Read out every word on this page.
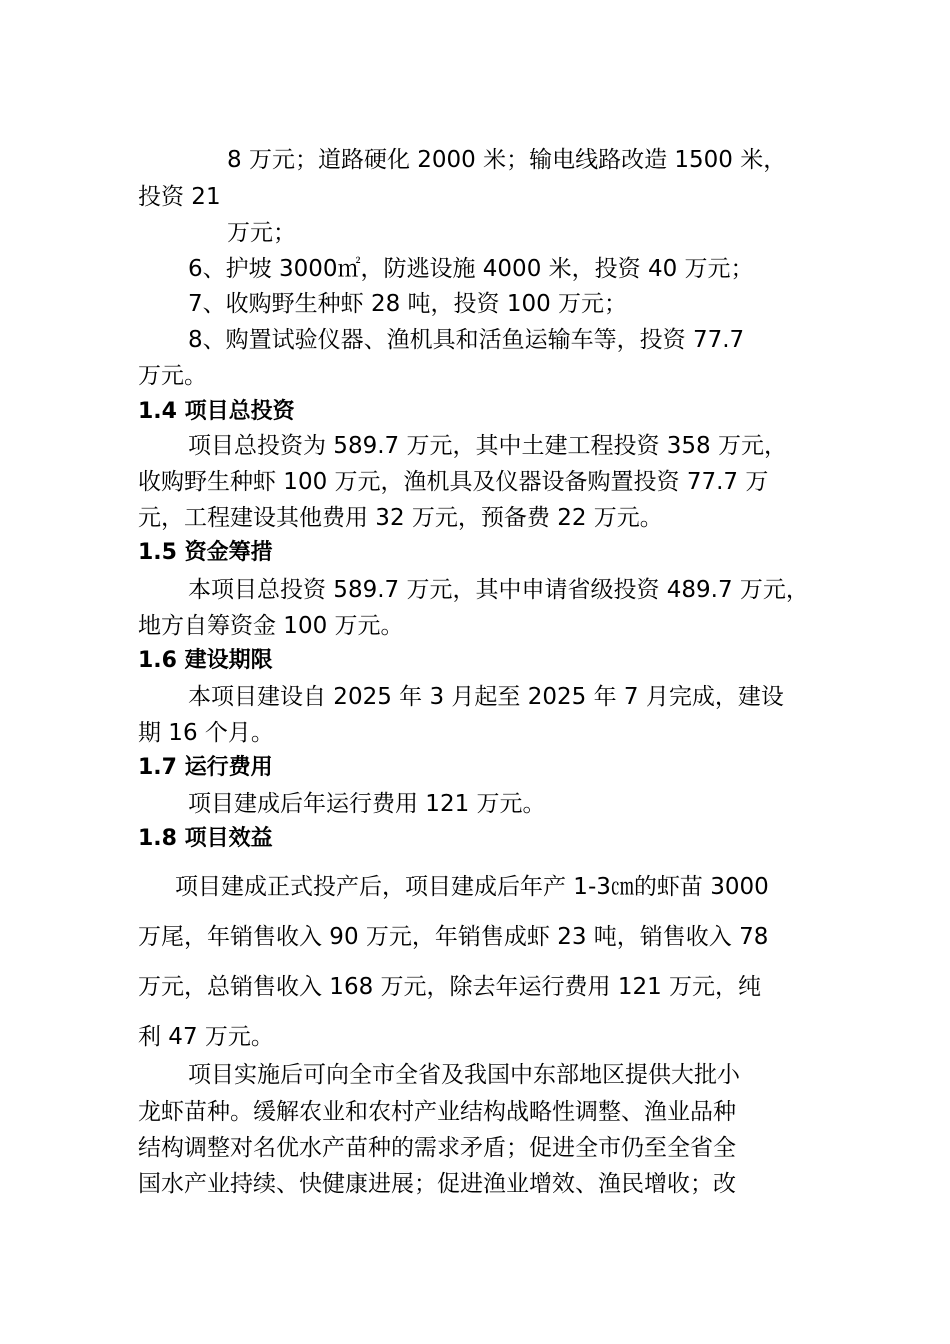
8 万元；道路硬化 2000 米；输电线路改造 1500 米，
投资 21
万元；
6、护坡 3000㎡，防逃设施 4000 米，投资 40 万元；
7、收购野生种虾 28 吨，投资 100 万元；
8、购置试验仪器、渔机具和活鱼运输车等，投资 77.7
万元。
1.4 项目总投资
项目总投资为 589.7 万元，其中土建工程投资 358 万元，
收购野生种虾 100 万元，渔机具及仪器设备购置投资 77.7 万
元，工程建设其他费用 32 万元，预备费 22 万元。
1.5 资金筹措
本项目总投资 589.7 万元，其中申请省级投资 489.7 万元，
地方自筹资金 100 万元。
1.6 建设期限
本项目建设自 2025 年 3 月起至 2025 年 7 月完成，建设
期 16 个月。
1.7 运行费用
项目建成后年运行费用 121 万元。
1.8 项目效益
项目建成正式投产后，项目建成后年产 1-3㎝的虾苗 3000
万尾，年销售收入 90 万元，年销售成虾 23 吨，销售收入 78
万元，总销售收入 168 万元，除去年运行费用 121 万元，纯
利 47 万元。
项目实施后可向全市全省及我国中东部地区提供大批小
龙虾苗种。缓解农业和农村产业结构战略性调整、渔业品种
结构调整对名优水产苗种的需求矛盾；促进全市仍至全省全
国水产业持续、快健康进展；促进渔业增效、渔民增收；改
